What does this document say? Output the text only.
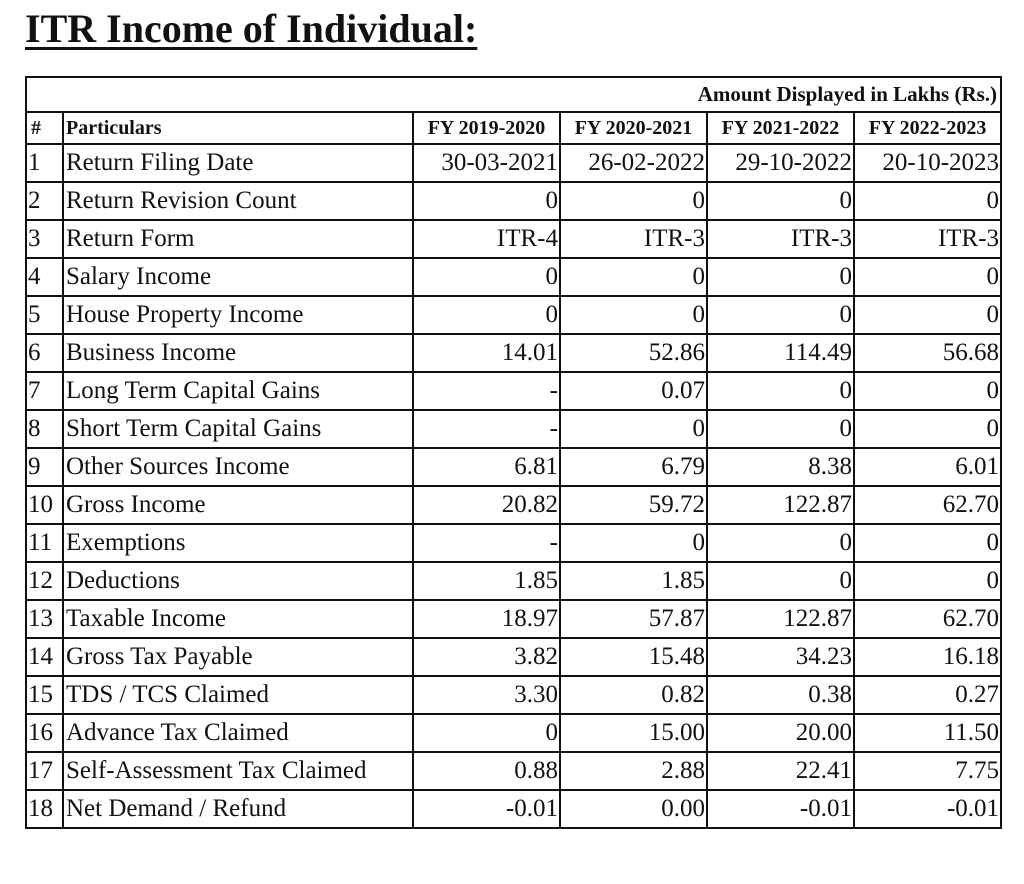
ITR Income of Individual:
Amount Displayed in Lakhs (Rs.)					
#	Particulars	FY 2019-2020	FY 2020-2021	FY 2021-2022	FY 2022-2023
1	Return Filing Date	30-03-2021	26-02-2022	29-10-2022	20-10-2023
2	Return Revision Count	0	0	0	0
3	Return Form	ITR-4	ITR-3	ITR-3	ITR-3
4	Salary Income	0	0	0	0
5	House Property Income	0	0	0	0
6	Business Income	14.01	52.86	114.49	56.68
7	Long Term Capital Gains	-	0.07	0	0
8	Short Term Capital Gains	-	0	0	0
9	Other Sources Income	6.81	6.79	8.38	6.01
10	Gross Income	20.82	59.72	122.87	62.70
11	Exemptions	-	0	0	0
12	Deductions	1.85	1.85	0	0
13	Taxable Income	18.97	57.87	122.87	62.70
14	Gross Tax Payable	3.82	15.48	34.23	16.18
15	TDS / TCS Claimed	3.30	0.82	0.38	0.27
16	Advance Tax Claimed	0	15.00	20.00	11.50
17	Self-Assessment Tax Claimed	0.88	2.88	22.41	7.75
18	Net Demand / Refund	-0.01	0.00	-0.01	-0.01
